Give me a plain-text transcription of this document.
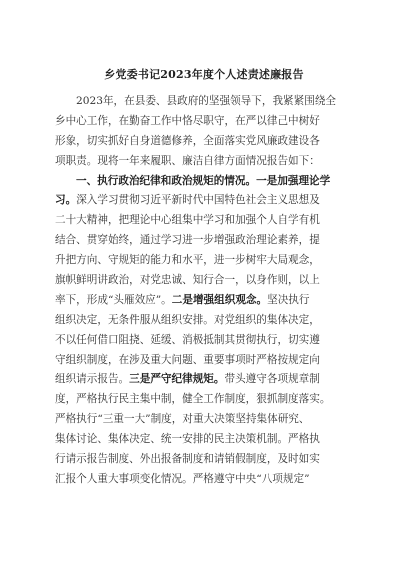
乡党委书记2023年度个人述责述廉报告
2023年，在县委、县政府的坚强领导下，我紧紧围绕全
乡中心工作，在勤奋工作中恪尽职守，在严以律己中树好
形象，切实抓好自身道德修养，全面落实党风廉政建设各
项职责。现将一年来履职、廉洁自律方面情况报告如下：
一、执行政治纪律和政治规矩的情况。一是加强理论学
习。深入学习贯彻习近平新时代中国特色社会主义思想及
二十大精神，把理论中心组集中学习和加强个人自学有机
结合、贯穿始终，通过学习进一步增强政治理论素养，提
升把方向、守规矩的能力和水平，进一步树牢大局观念，
旗帜鲜明讲政治，对党忠诚、知行合一，以身作则，以上
率下，形成“头雁效应”。二是增强组织观念。坚决执行
组织决定，无条件服从组织安排。对党组织的集体决定，
不以任何借口阻挠、延缓、消极抵制其贯彻执行，切实遵
守组织制度，在涉及重大问题、重要事项时严格按规定向
组织请示报告。三是严守纪律规矩。带头遵守各项规章制
度，严格执行民主集中制，健全工作制度，狠抓制度落实。
严格执行“三重一大”制度，对重大决策坚持集体研究、
集体讨论、集体决定、统一安排的民主决策机制。严格执
行请示报告制度、外出报备制度和请销假制度，及时如实
汇报个人重大事项变化情况。严格遵守中央“八项规定”
